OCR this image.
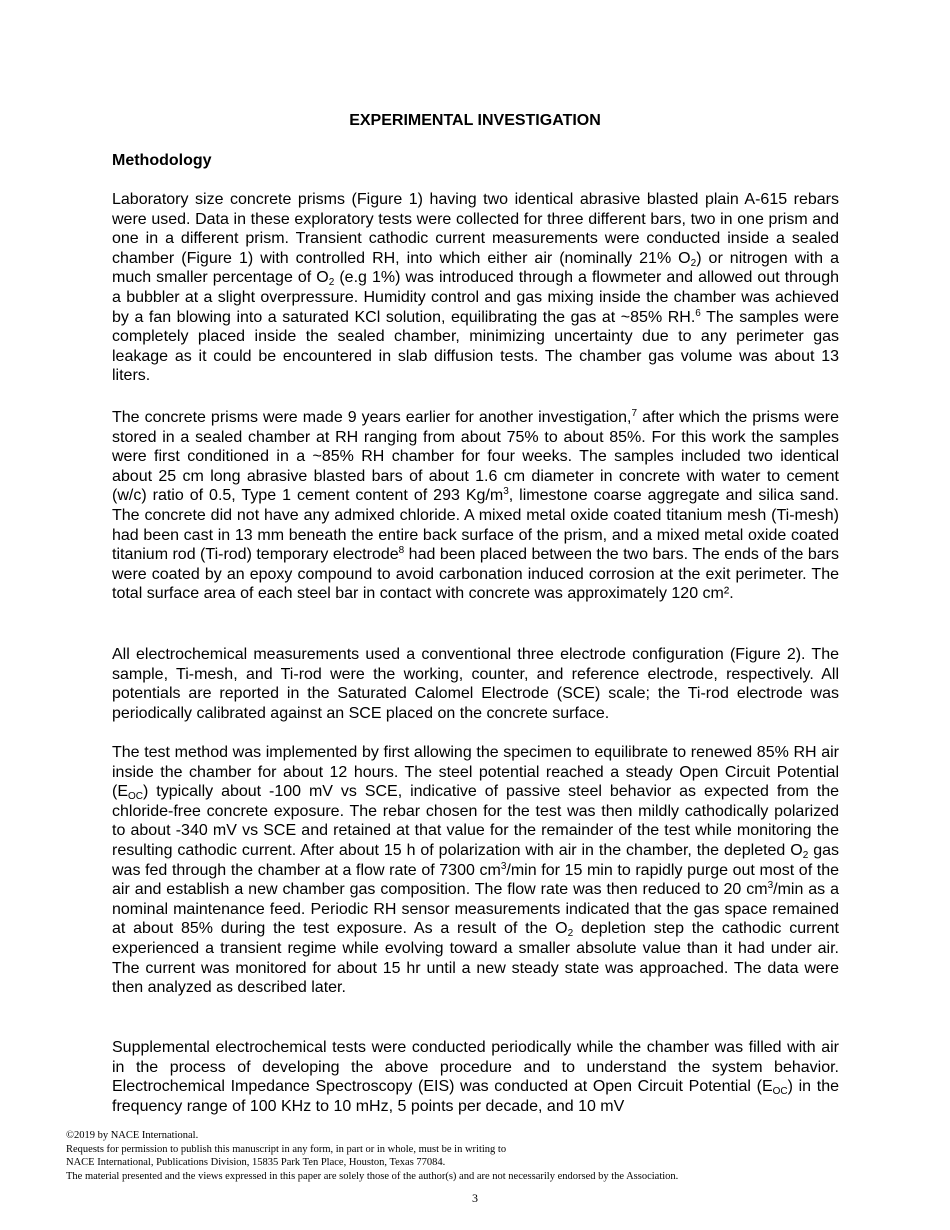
EXPERIMENTAL INVESTIGATION
Methodology

Laboratory size concrete prisms (Figure 1) having two identical abrasive blasted plain A-615 rebars were used. Data in these exploratory tests were collected for three different bars, two in one prism and one in a different prism. Transient cathodic current measurements were conducted inside a sealed chamber (Figure 1) with controlled RH, into which either air (nominally 21% $O_2$) or nitrogen with a much smaller percentage of $O_2$ (e.g 1%) was introduced through a flowmeter and allowed out through a bubbler at a slight overpressure. Humidity control and gas mixing inside the chamber was achieved by a fan blowing into a saturated KCl solution, equilibrating the gas at ~85% RH.$^6$ The samples were completely placed inside the sealed chamber, minimizing uncertainty due to any perimeter gas leakage as it could be encountered in slab diffusion tests. The chamber gas volume was about 13 liters.

The concrete prisms were made 9 years earlier for another investigation,$^7$ after which the prisms were stored in a sealed chamber at RH ranging from about 75% to about 85%. For this work the samples were first conditioned in a ~85% RH chamber for four weeks. The samples included two identical about 25 cm long abrasive blasted bars of about 1.6 cm diameter in concrete with water to cement (w/c) ratio of 0.5, Type 1 cement content of 293 $Kg/m^3$, limestone coarse aggregate and silica sand. The concrete did not have any admixed chloride. A mixed metal oxide coated titanium mesh (Ti-mesh) had been cast in 13 mm beneath the entire back surface of the prism, and a mixed metal oxide coated titanium rod (Ti-rod) temporary electrode$^8$ had been placed between the two bars. The ends of the bars were coated by an epoxy compound to avoid carbonation induced corrosion at the exit perimeter. The total surface area of each steel bar in contact with concrete was approximately 120 cm².

All electrochemical measurements used a conventional three electrode configuration (Figure 2). The sample, Ti-mesh, and Ti-rod were the working, counter, and reference electrode, respectively. All potentials are reported in the Saturated Calomel Electrode (SCE) scale; the Ti-rod electrode was periodically calibrated against an SCE placed on the concrete surface.

The test method was implemented by first allowing the specimen to equilibrate to renewed 85% RH air inside the chamber for about 12 hours. The steel potential reached a steady Open Circuit Potential $(E_{OC})$ typically about -100 mV vs SCE, indicative of passive steel behavior as expected from the chloride-free concrete exposure. The rebar chosen for the test was then mildly cathodically polarized to about -340 mV vs SCE and retained at that value for the remainder of the test while monitoring the resulting cathodic current. After about 15 h of polarization with air in the chamber, the depleted $O_2$ gas was fed through the chamber at a flow rate of 7300 $cm^3/\min$ for 15 min to rapidly purge out most of the air and establish a new chamber gas composition. The flow rate was then reduced to 20 $cm^3/\min$ as a nominal maintenance feed. Periodic RH sensor measurements indicated that the gas space remained at about 85% during the test exposure. As a result of the $O_2$ depletion step the cathodic current experienced a transient regime while evolving toward a smaller absolute value than it had under air. The current was monitored for about 15 hr until a new steady state was approached. The data were then analyzed as described later.

Supplemental electrochemical tests were conducted periodically while the chamber was filled with air in the process of developing the above procedure and to understand the system behavior. Electrochemical Impedance Spectroscopy (EIS) was conducted at Open Circuit Potential $(E_{OC})$ in the frequency range of 100 KHz to 10 mHz, 5 points per decade, and 10 mV

©2019 by NACE International.
Requests for permission to publish this manuscript in any form, in part or in whole, must be in writing to
NACE International, Publications Division, 15835 Park Ten Place, Houston, Texas 77084.
The material presented and the views expressed in this paper are solely those of the author(s) and are not necessarily endorsed by the Association.
3
